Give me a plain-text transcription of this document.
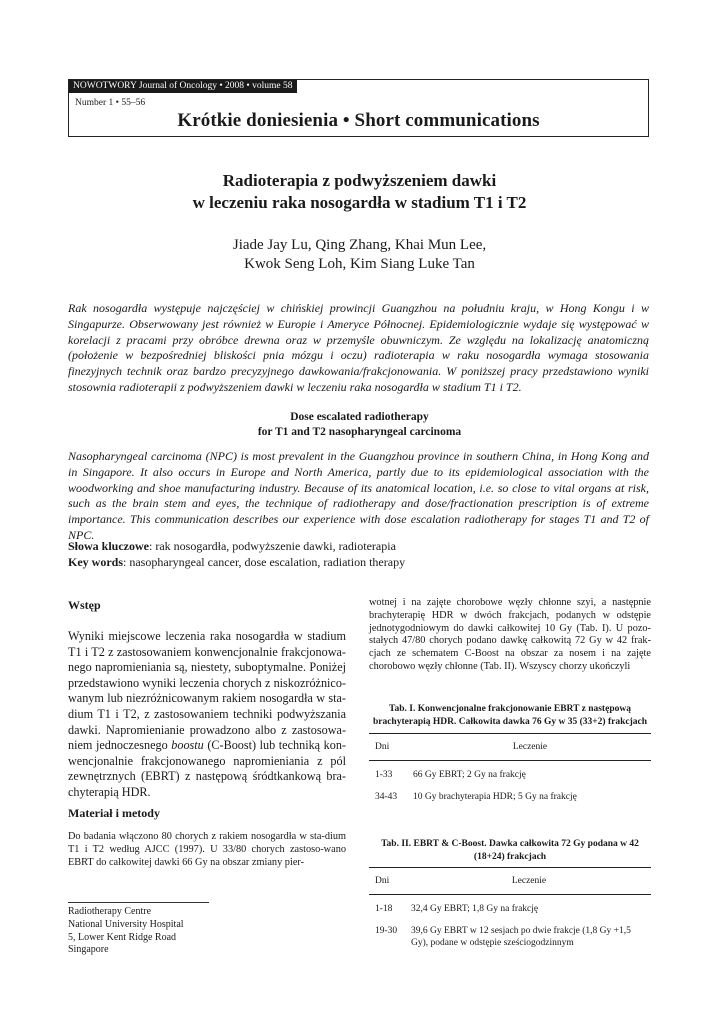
NOWOTWORY Journal of Oncology • 2008 • volume 58
Number 1 • 55–56
Krótkie doniesienia • Short communications
Radioterapia z podwyższeniem dawki
w leczeniu raka nosogardła w stadium T1 i T2
Jiade Jay Lu, Qing Zhang, Khai Mun Lee,
Kwok Seng Loh, Kim Siang Luke Tan
Rak nosogardła występuje najczęściej w chińskiej prowincji Guangzhou na południu kraju, w Hong Kongu i w Singapurze. Obserwowany jest również w Europie i Ameryce Północnej. Epidemiologicznie wydaje się występować w korelacji z pracami przy obróbce drewna oraz w przemyśle obuwniczym. Ze względu na lokalizację anatomiczną (położenie w bezpośredniej bliskości pnia mózgu i oczu) radioterapia w raku nosogardła wymaga stosowania finezyjnych technik oraz bardzo precyzyjnego dawkowania/frakcjonowania. W poniższej pracy przedstawiono wyniki stosownia radioterapii z podwyższeniem dawki w leczeniu raka nosogardła w stadium T1 i T2.
Dose escalated radiotherapy
for T1 and T2 nasopharyngeal carcinoma
Nasopharyngeal carcinoma (NPC) is most prevalent in the Guangzhou province in southern China, in Hong Kong and in Singapore. It also occurs in Europe and North America, partly due to its epidemiological association with the woodworking and shoe manufacturing industry. Because of its anatomical location, i.e. so close to vital organs at risk, such as the brain stem and eyes, the technique of radiotherapy and dose/fractionation prescription is of extreme importance. This communication describes our experience with dose escalation radiotherapy for stages T1 and T2 of NPC.
Słowa kluczowe: rak nosogardła, podwyższenie dawki, radioterapia
Key words: nasopharyngeal cancer, dose escalation, radiation therapy
Wstęp

Wyniki miejscowe leczenia raka nosogardła w stadium T1 i T2 z zastosowaniem konwencjonalnie frakcjonowa-nego napromieniania są, niestety, suboptymalne. Poniżej przedstawiono wyniki leczenia chorych z niskozróżnico-wanym lub niezróżnicowanym rakiem nosogardła w sta-dium T1 i T2, z zastosowaniem techniki podwyższania dawki. Napromienianie prowadzono albo z zastosowa-niem jednoczesnego boostu (C-Boost) lub techniką kon-wencjonalnie frakcjonowanego napromieniania z pól zewnętrznych (EBRT) z następową śródtkankową bra-chyterapią HDR.

Materiał i metody

Do badania włączono 80 chorych z rakiem nosogardła w sta-dium T1 i T2 według AJCC (1997). U 33/80 chorych zastoso-wano EBRT do całkowitej dawki 66 Gy na obszar zmiany pier-

Radiotherapy Centre
National University Hospital
5, Lower Kent Ridge Road
Singapore

wotnej i na zajęte chorobowe węzły chłonne szyi, a następnie brachyterapię HDR w dwóch frakcjach, podanych w odstępie jednotygodniowym do dawki całkowitej 10 Gy (Tab. I). U pozo-stałych 47/80 chorych podano dawkę całkowitą 72 Gy w 42 frak-cjach ze schematem C-Boost na obszar za nosem i na zajęte chorobowo węzły chłonne (Tab. II). Wszyscy chorzy ukończyli

Tab. I. Konwencjonalne frakcjonowanie EBRT z następową
brachyterapią HDR. Całkowita dawka 76 Gy w 35 (33+2) frakcjach
Dni	Leczenie
1-33	66 Gy EBRT; 2 Gy na frakcję
34-43	10 Gy brachyterapia HDR; 5 Gy na frakcję
Tab. II. EBRT & C-Boost. Dawka całkowita 72 Gy podana w 42
(18+24) frakcjach
Dni	Leczenie
1-18	32,4 Gy EBRT; 1,8 Gy na frakcję
19-30	39,6 Gy EBRT w 12 sesjach po dwie frakcje (1,8 Gy +1,5 Gy), podane w odstępie sześciogodzinnym
